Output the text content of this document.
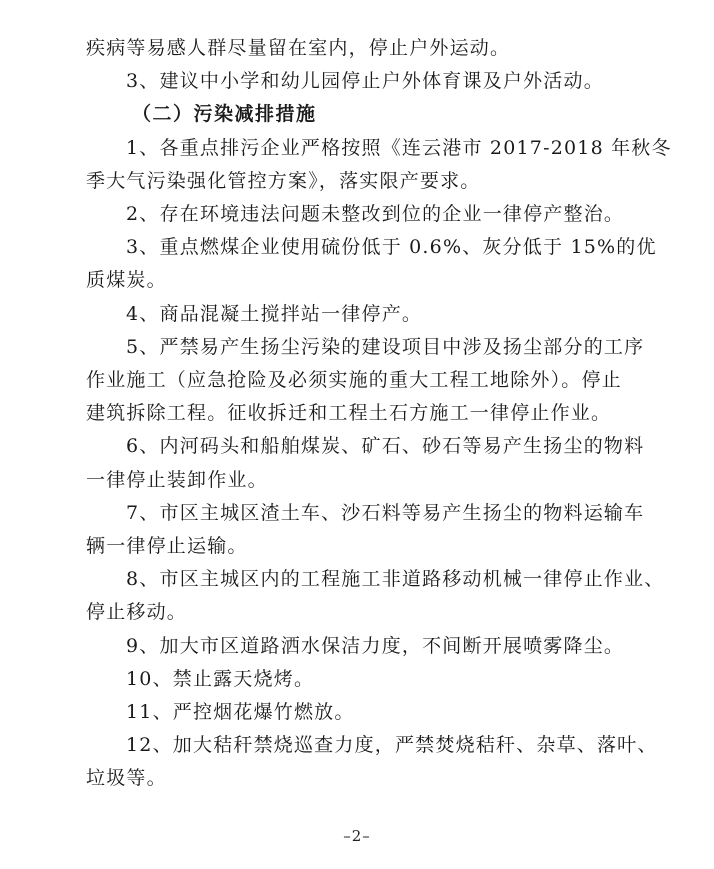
疾病等易感人群尽量留在室内，停止户外运动。
3、建议中小学和幼儿园停止户外体育课及户外活动。
（二）污染减排措施
1、各重点排污企业严格按照《连云港市 2017-2018 年秋冬
季大气污染强化管控方案》，落实限产要求。
2、存在环境违法问题未整改到位的企业一律停产整治。
3、重点燃煤企业使用硫份低于 0.6%、灰分低于 15%的优
质煤炭。
4、商品混凝土搅拌站一律停产。
5、严禁易产生扬尘污染的建设项目中涉及扬尘部分的工序
作业施工（应急抢险及必须实施的重大工程工地除外）。停止
建筑拆除工程。征收拆迁和工程土石方施工一律停止作业。
6、内河码头和船舶煤炭、矿石、砂石等易产生扬尘的物料
一律停止装卸作业。
7、市区主城区渣土车、沙石料等易产生扬尘的物料运输车
辆一律停止运输。
8、市区主城区内的工程施工非道路移动机械一律停止作业、
停止移动。
9、加大市区道路洒水保洁力度，不间断开展喷雾降尘。
10、禁止露天烧烤。
11、严控烟花爆竹燃放。
12、加大秸秆禁烧巡查力度，严禁焚烧秸秆、杂草、落叶、
垃圾等。
–2–
